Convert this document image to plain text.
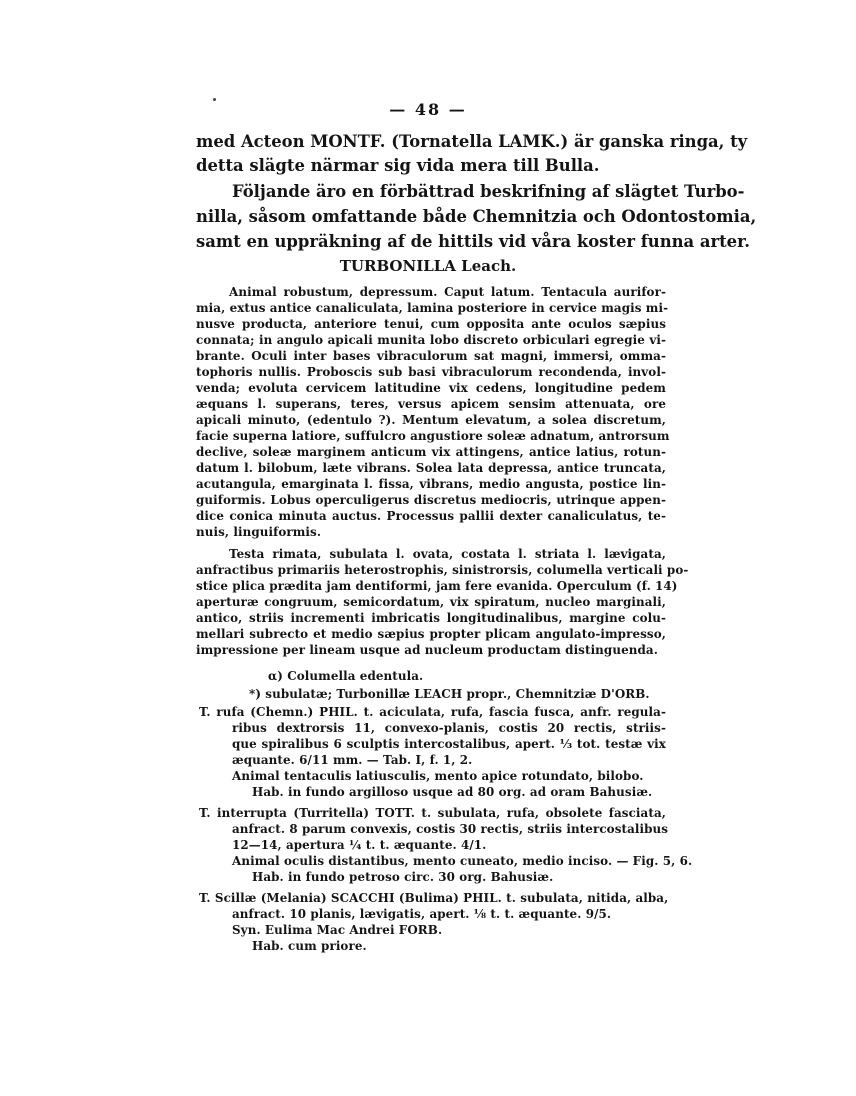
— 48 —
med Acteon MONTF. (Tornatella LAMK.) är ganska ringa, ty
detta slägte närmar sig vida mera till Bulla.
Följande äro en förbättrad beskrifning af slägtet Turbo-
nilla, såsom omfattande både Chemnitzia och Odontostomia,
samt en uppräkning af de hittils vid våra koster funna arter.
TURBONILLA Leach.
Animal robustum, depressum. Caput latum. Tentacula aurifor-
mia, extus antice canaliculata, lamina posteriore in cervice magis mi-
nusve producta, anteriore tenui, cum opposita ante oculos sæpius
connata; in angulo apicali munita lobo discreto orbiculari egregie vi-
brante. Oculi inter bases vibraculorum sat magni, immersi, omma-
tophoris nullis. Proboscis sub basi vibraculorum recondenda, invol-
venda; evoluta cervicem latitudine vix cedens, longitudine pedem
æquans l. superans, teres, versus apicem sensim attenuata, ore
apicali minuto, (edentulo ?). Mentum elevatum, a solea discretum,
facie superna latiore, suffulcro angustiore soleæ adnatum, antrorsum
declive, soleæ marginem anticum vix attingens, antice latius, rotun-
datum l. bilobum, læte vibrans. Solea lata depressa, antice truncata,
acutangula, emarginata l. fissa, vibrans, medio angusta, postice lin-
guiformis. Lobus operculigerus discretus mediocris, utrinque appen-
dice conica minuta auctus. Processus pallii dexter canaliculatus, te-
nuis, linguiformis.
Testa rimata, subulata l. ovata, costata l. striata l. lævigata,
anfractibus primariis heterostrophis, sinistrorsis, columella verticali po-
stice plica prædita jam dentiformi, jam fere evanida. Operculum (f. 14)
aperturæ congruum, semicordatum, vix spiratum, nucleo marginali,
antico, striis incrementi imbricatis longitudinalibus, margine colu-
mellari subrecto et medio sæpius propter plicam angulato-impresso,
impressione per lineam usque ad nucleum productam distinguenda.
α) Columella edentula.
*) subulatæ; Turbonillæ LEACH propr., Chemnitziæ D'ORB.
T. rufa (Chemn.) PHIL. t. aciculata, rufa, fascia fusca, anfr. regula-
ribus dextrorsis 11, convexo-planis, costis 20 rectis, striis-
que spiralibus 6 sculptis intercostalibus, apert. ⅓ tot. testæ vix
æquante. 6/11 mm. — Tab. I, f. 1, 2.
Animal tentaculis latiusculis, mento apice rotundato, bilobo.
Hab. in fundo argilloso usque ad 80 org. ad oram Bahusiæ.
T. interrupta (Turritella) TOTT. t. subulata, rufa, obsolete fasciata,
anfract. 8 parum convexis, costis 30 rectis, striis intercostalibus
12—14, apertura ¼ t. t. æquante. 4/1.
Animal oculis distantibus, mento cuneato, medio inciso. — Fig. 5, 6.
Hab. in fundo petroso circ. 30 org. Bahusiæ.
T. Scillæ (Melania) SCACCHI (Bulima) PHIL. t. subulata, nitida, alba,
anfract. 10 planis, lævigatis, apert. ⅛ t. t. æquante. 9/5.
Syn. Eulima Mac Andrei FORB.
Hab. cum priore.
